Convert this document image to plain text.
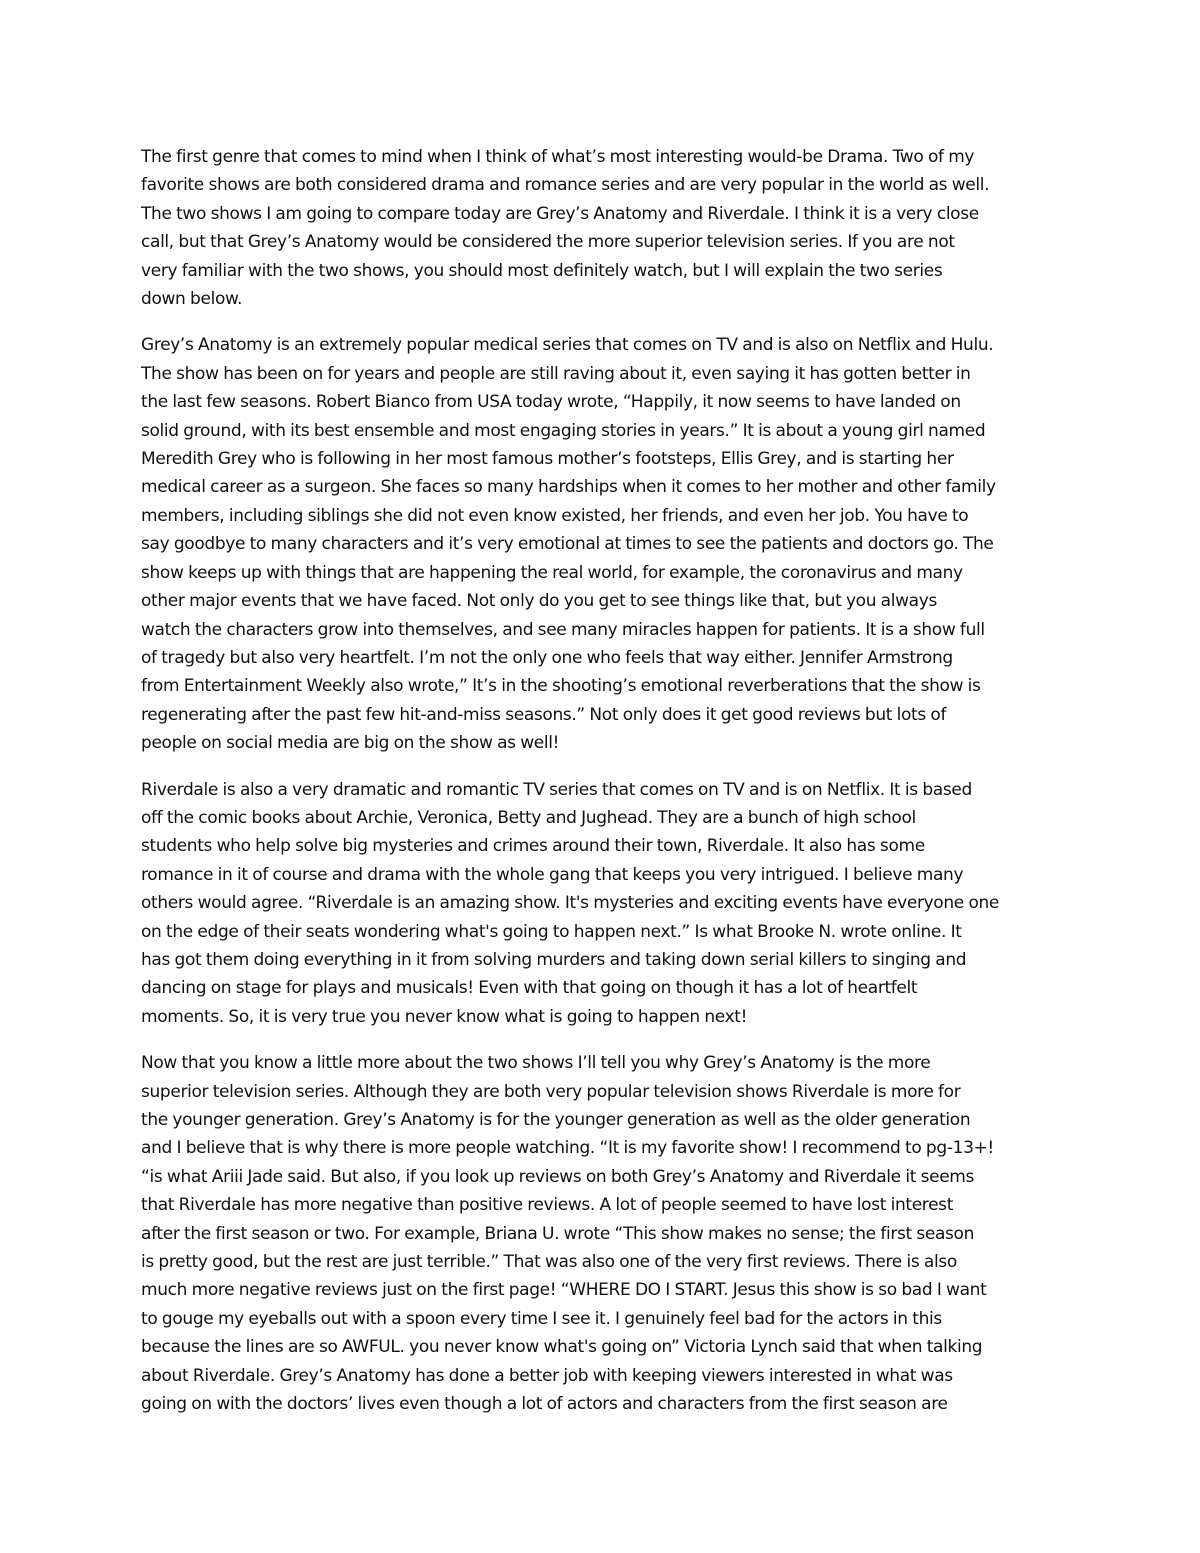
The first genre that comes to mind when I think of what’s most interesting would-be Drama. Two of my
favorite shows are both considered drama and romance series and are very popular in the world as well.
The two shows I am going to compare today are Grey’s Anatomy and Riverdale. I think it is a very close
call, but that Grey’s Anatomy would be considered the more superior television series. If you are not
very familiar with the two shows, you should most definitely watch, but I will explain the two series
down below.

Grey’s Anatomy is an extremely popular medical series that comes on TV and is also on Netflix and Hulu.
The show has been on for years and people are still raving about it, even saying it has gotten better in
the last few seasons. Robert Bianco from USA today wrote, “Happily, it now seems to have landed on
solid ground, with its best ensemble and most engaging stories in years.” It is about a young girl named
Meredith Grey who is following in her most famous mother’s footsteps, Ellis Grey, and is starting her
medical career as a surgeon. She faces so many hardships when it comes to her mother and other family
members, including siblings she did not even know existed, her friends, and even her job. You have to
say goodbye to many characters and it’s very emotional at times to see the patients and doctors go. The
show keeps up with things that are happening the real world, for example, the coronavirus and many
other major events that we have faced. Not only do you get to see things like that, but you always
watch the characters grow into themselves, and see many miracles happen for patients. It is a show full
of tragedy but also very heartfelt. I’m not the only one who feels that way either. Jennifer Armstrong
from Entertainment Weekly also wrote,” It’s in the shooting’s emotional reverberations that the show is
regenerating after the past few hit-and-miss seasons.” Not only does it get good reviews but lots of
people on social media are big on the show as well!

Riverdale is also a very dramatic and romantic TV series that comes on TV and is on Netflix. It is based
off the comic books about Archie, Veronica, Betty and Jughead. They are a bunch of high school
students who help solve big mysteries and crimes around their town, Riverdale. It also has some
romance in it of course and drama with the whole gang that keeps you very intrigued. I believe many
others would agree. “Riverdale is an amazing show. It's mysteries and exciting events have everyone one
on the edge of their seats wondering what's going to happen next.” Is what Brooke N. wrote online. It
has got them doing everything in it from solving murders and taking down serial killers to singing and
dancing on stage for plays and musicals! Even with that going on though it has a lot of heartfelt
moments. So, it is very true you never know what is going to happen next!

Now that you know a little more about the two shows I’ll tell you why Grey’s Anatomy is the more
superior television series. Although they are both very popular television shows Riverdale is more for
the younger generation. Grey’s Anatomy is for the younger generation as well as the older generation
and I believe that is why there is more people watching. “It is my favorite show! I recommend to pg-13+!
“is what Ariii Jade said. But also, if you look up reviews on both Grey’s Anatomy and Riverdale it seems
that Riverdale has more negative than positive reviews. A lot of people seemed to have lost interest
after the first season or two. For example, Briana U. wrote “This show makes no sense; the first season
is pretty good, but the rest are just terrible.” That was also one of the very first reviews. There is also
much more negative reviews just on the first page! “WHERE DO I START. Jesus this show is so bad I want
to gouge my eyeballs out with a spoon every time I see it. I genuinely feel bad for the actors in this
because the lines are so AWFUL. you never know what's going on” Victoria Lynch said that when talking
about Riverdale. Grey’s Anatomy has done a better job with keeping viewers interested in what was
going on with the doctors’ lives even though a lot of actors and characters from the first season are
